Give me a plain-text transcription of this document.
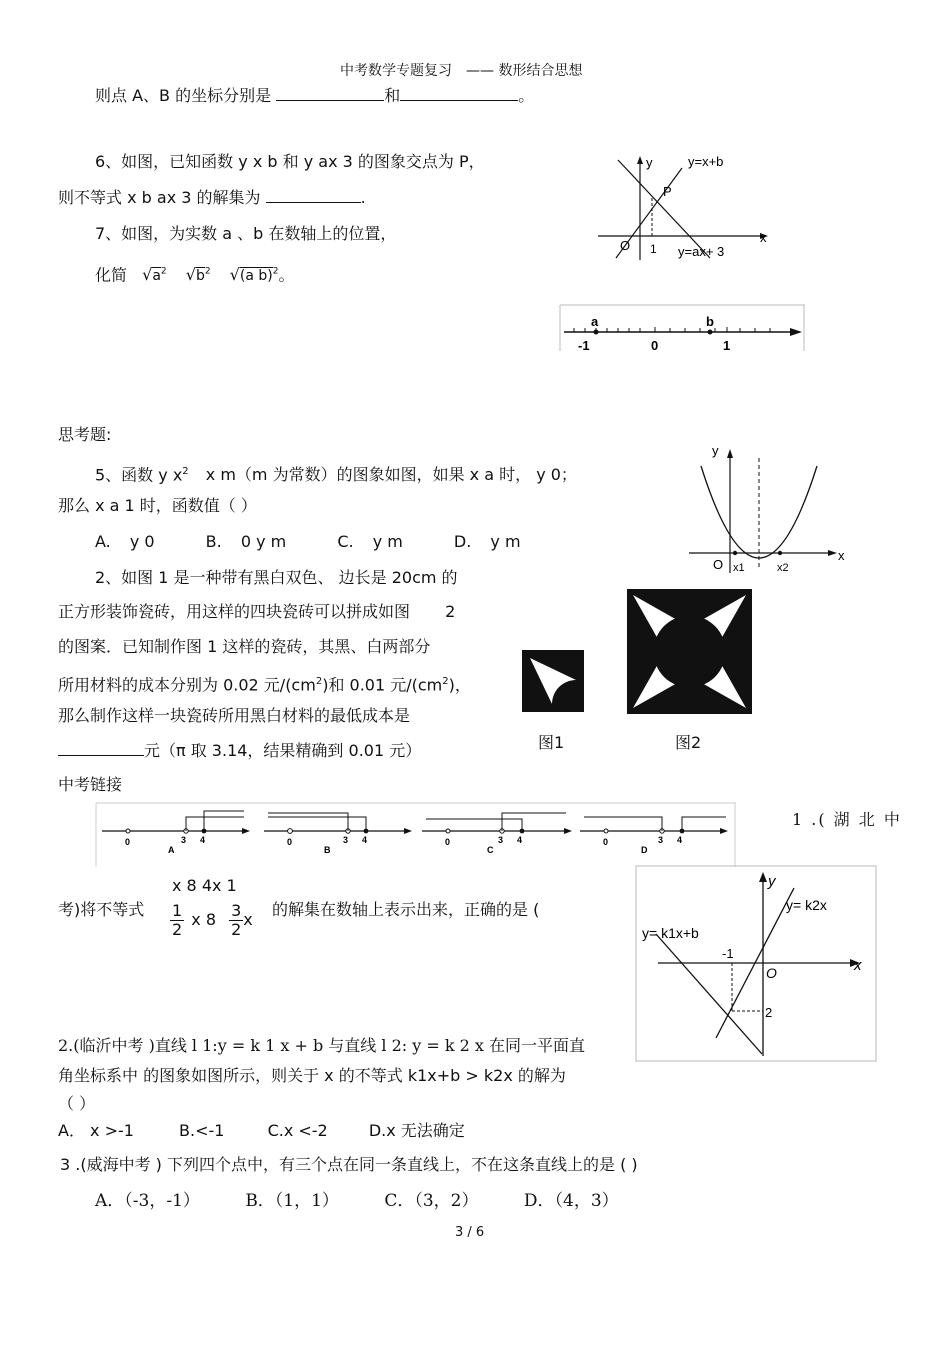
中考数学专题复习　—— 数形结合思想
则点 A、B 的坐标分别是	和	。
6、如图，已知函数 y x b 和 y ax 3 的图象交点为 P，
则不等式 x b ax 3 的解集为	.
7、如图，为实数 a 、b 在数轴上的位置，
化简 $√a^2$ $√b^2$ √(a b)$^2$。
y
x
O 1
P
y=x+b
y=ax+ 3
a	b
-1	0	1
思考题:
5、函数 y $x^2$ x m（m 为常数）的图象如图，如果 x a 时， y 0；
那么 x a 1 时，函数值（ ）
A. y 0	B. 0 y m	C. y m	D. y m
y
x
O x1	x2
2、如图 1 是一种带有黑白双色、 边长是 20cm 的
正方形装饰瓷砖，用这样的四块瓷砖可以拼成如图 2
的图案．已知制作图 1 这样的瓷砖，其黑、白两部分
所用材料的成本分别为 0.02 元$/(cm^2)$和 0.01 元$/(cm^2)$，
那么制作这样一块瓷砖所用黑白材料的最低成本是
元（π 取 3.14，结果精确到 0.01 元）	图1	图2
中考链接
0	3 4
A
0	3 4
B
0	3 4
C
0	3 4
D
1 .( 湖 北 中
x 8 4x 1
考)将不等式 $\frac{1}{2}$ x $8 \frac{3}{2}$ x
的解集在数轴上表示出来，正确的是 (
y
x
O
-1
2
y= k1x+b
y= k2x
2.(临沂中考 )直线 l 1:y = k 1 x + b 与直线 l 2: y = k 2 x 在同一平面直
角坐标系中 的图象如图所示，则关于 x 的不等式 k1x+b > k2x 的解为
（ ）
A． x >-1	B.<-1	C.x <-2	D.x 无法确定
3 .(威海中考 ) 下列四个点中，有三个点在同一条直线上，不在这条直线上的是 ( )
A．（-3，-1）	B．（1，1）	C．（3，2）	D．（4，3）
3 / 6
